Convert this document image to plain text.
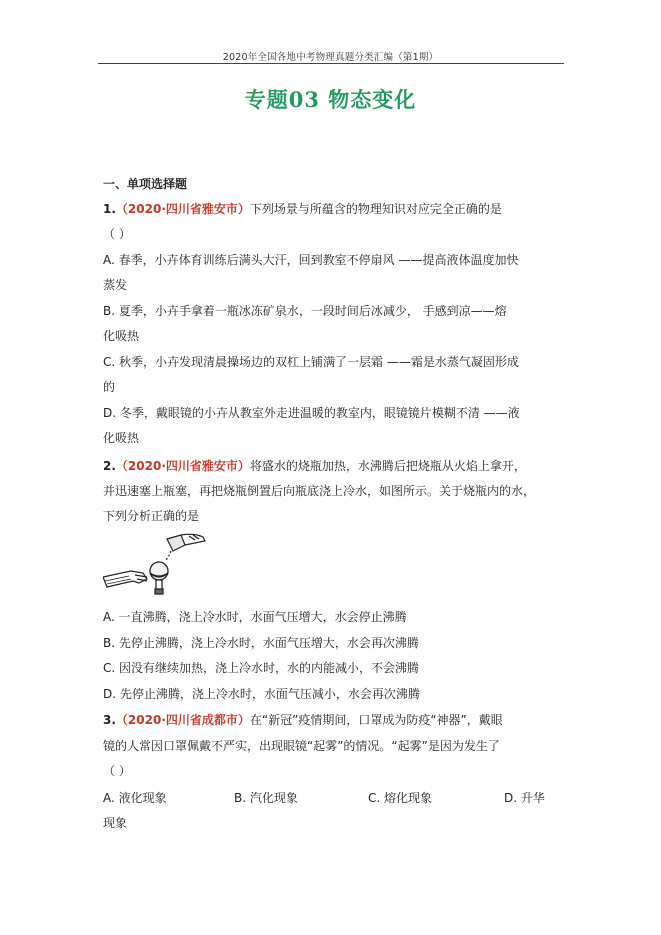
2020年全国各地中考物理真题分类汇编（第1期）
专题03 物态变化
一、单项选择题
1.（2020·四川省雅安市）下列场景与所蕴含的物理知识对应完全正确的是
（ ）
A. 春季，小卉体育训练后满头大汗，回到教室不停扇风 ——提高液体温度加快
蒸发
B. 夏季，小卉手拿着一瓶冰冻矿泉水，一段时间后冰减少， 手感到凉——熔
化吸热
C. 秋季，小卉发现清晨操场边的双杠上铺满了一层霜 ——霜是水蒸气凝固形成
的
D. 冬季，戴眼镜的小卉从教室外走进温暖的教室内，眼镜镜片模糊不清 ——液
化吸热
2.（2020·四川省雅安市）将盛水的烧瓶加热，水沸腾后把烧瓶从火焰上拿开，
并迅速塞上瓶塞，再把烧瓶倒置后向瓶底浇上冷水，如图所示。关于烧瓶内的水，
下列分析正确的是
A. 一直沸腾，浇上冷水时，水面气压增大，水会停止沸腾
B. 先停止沸腾，浇上冷水时，水面气压增大，水会再次沸腾
C. 因没有继续加热，浇上冷水时，水的内能减小，不会沸腾
D. 先停止沸腾，浇上冷水时，水面气压减小，水会再次沸腾
3.（2020·四川省成都市）在“新冠”疫情期间，口罩成为防疫“神器”，戴眼
镜的人常因口罩佩戴不严实，出现眼镜“起雾”的情况。“起雾”是因为发生了
（ ）
A. 液化现象	B. 汽化现象	C. 熔化现象	D. 升华
现象
